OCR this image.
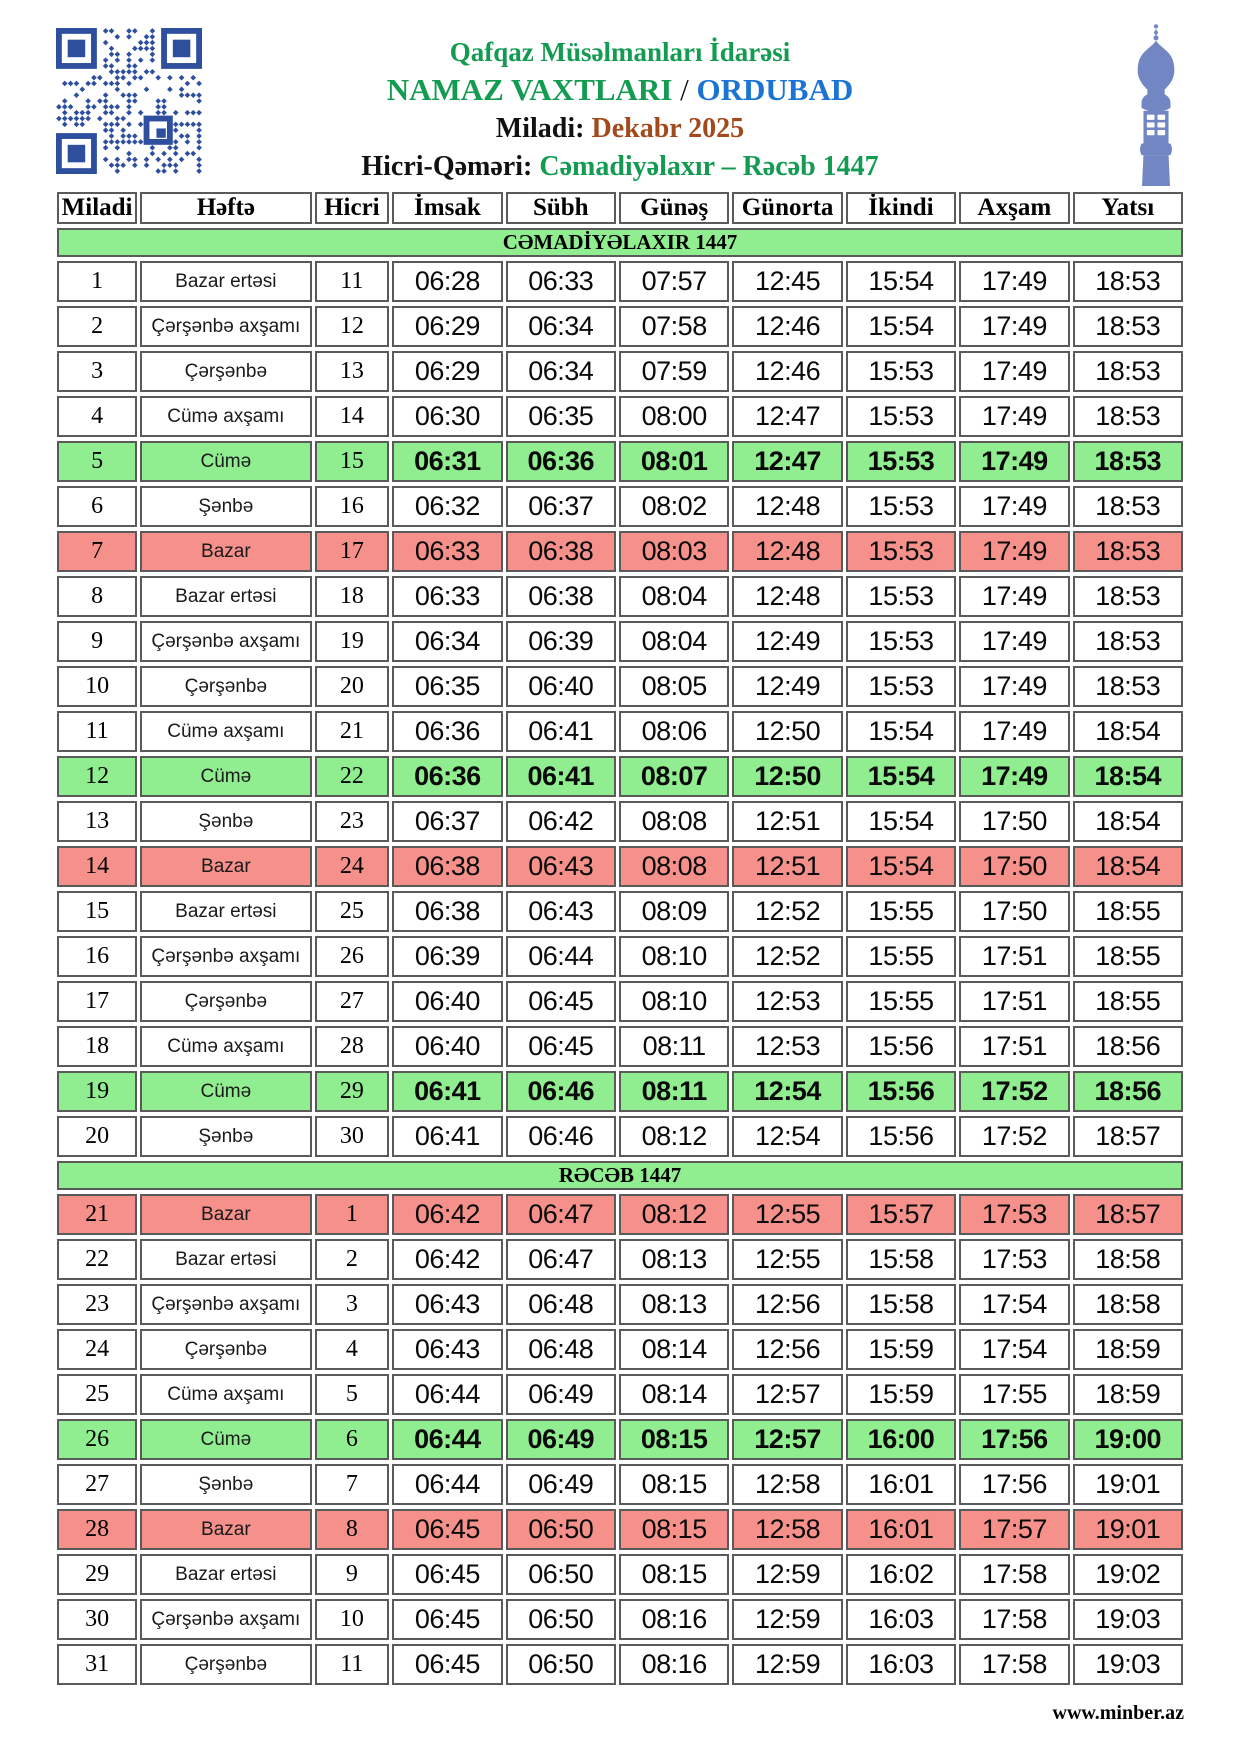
Qafqaz Müsəlmanları İdarəsi
NAMAZ VAXTLARI / ORDUBAD
Miladi: Dekabr 2025
Hicri-Qəməri: Cəmadiyəlaxır – Rəcəb 1447
Miladi	Həftə	Hicri	İmsak	Sübh	Günəş	Günorta	İkindi	Axşam	Yatsı
CƏMADİYƏLAXIR 1447									
1	Bazar ertəsi	11	06:28	06:33	07:57	12:45	15:54	17:49	18:53
2	Çərşənbə axşamı	12	06:29	06:34	07:58	12:46	15:54	17:49	18:53
3	Çərşənbə	13	06:29	06:34	07:59	12:46	15:53	17:49	18:53
4	Cümə axşamı	14	06:30	06:35	08:00	12:47	15:53	17:49	18:53
5	Cümə	15	06:31	06:36	08:01	12:47	15:53	17:49	18:53
6	Şənbə	16	06:32	06:37	08:02	12:48	15:53	17:49	18:53
7	Bazar	17	06:33	06:38	08:03	12:48	15:53	17:49	18:53
8	Bazar ertəsi	18	06:33	06:38	08:04	12:48	15:53	17:49	18:53
9	Çərşənbə axşamı	19	06:34	06:39	08:04	12:49	15:53	17:49	18:53
10	Çərşənbə	20	06:35	06:40	08:05	12:49	15:53	17:49	18:53
11	Cümə axşamı	21	06:36	06:41	08:06	12:50	15:54	17:49	18:54
12	Cümə	22	06:36	06:41	08:07	12:50	15:54	17:49	18:54
13	Şənbə	23	06:37	06:42	08:08	12:51	15:54	17:50	18:54
14	Bazar	24	06:38	06:43	08:08	12:51	15:54	17:50	18:54
15	Bazar ertəsi	25	06:38	06:43	08:09	12:52	15:55	17:50	18:55
16	Çərşənbə axşamı	26	06:39	06:44	08:10	12:52	15:55	17:51	18:55
17	Çərşənbə	27	06:40	06:45	08:10	12:53	15:55	17:51	18:55
18	Cümə axşamı	28	06:40	06:45	08:11	12:53	15:56	17:51	18:56
19	Cümə	29	06:41	06:46	08:11	12:54	15:56	17:52	18:56
20	Şənbə	30	06:41	06:46	08:12	12:54	15:56	17:52	18:57
RƏCƏB 1447									
21	Bazar	1	06:42	06:47	08:12	12:55	15:57	17:53	18:57
22	Bazar ertəsi	2	06:42	06:47	08:13	12:55	15:58	17:53	18:58
23	Çərşənbə axşamı	3	06:43	06:48	08:13	12:56	15:58	17:54	18:58
24	Çərşənbə	4	06:43	06:48	08:14	12:56	15:59	17:54	18:59
25	Cümə axşamı	5	06:44	06:49	08:14	12:57	15:59	17:55	18:59
26	Cümə	6	06:44	06:49	08:15	12:57	16:00	17:56	19:00
27	Şənbə	7	06:44	06:49	08:15	12:58	16:01	17:56	19:01
28	Bazar	8	06:45	06:50	08:15	12:58	16:01	17:57	19:01
29	Bazar ertəsi	9	06:45	06:50	08:15	12:59	16:02	17:58	19:02
30	Çərşənbə axşamı	10	06:45	06:50	08:16	12:59	16:03	17:58	19:03
31	Çərşənbə	11	06:45	06:50	08:16	12:59	16:03	17:58	19:03
www.minber.az
